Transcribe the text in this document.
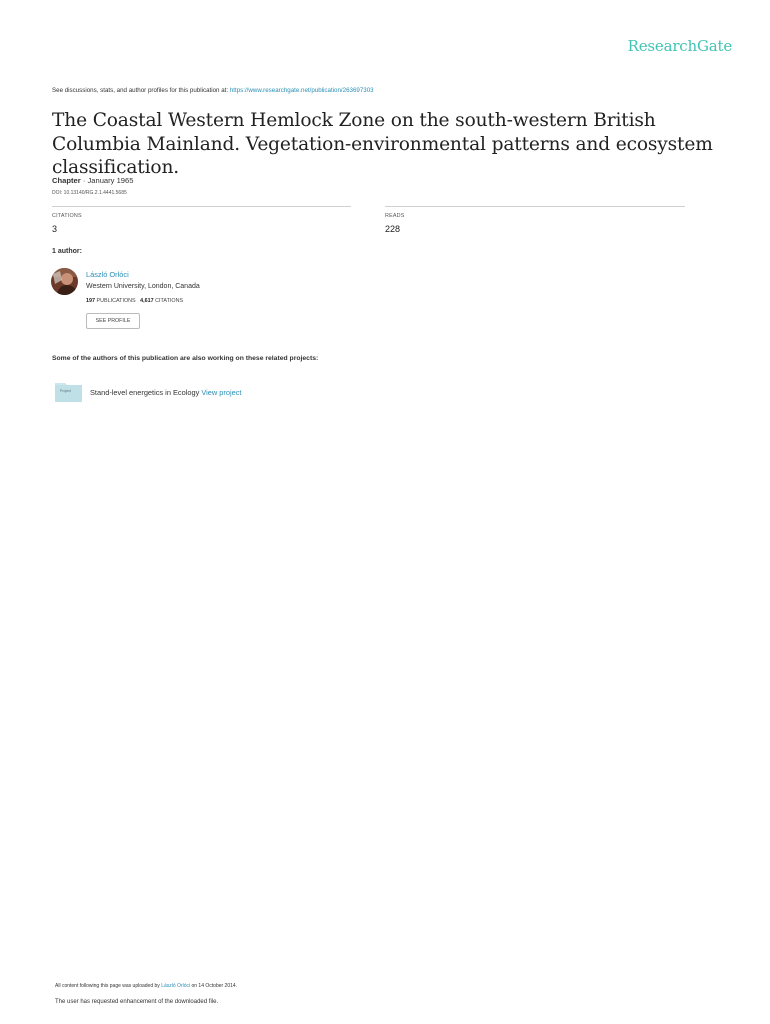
ResearchGate
See discussions, stats, and author profiles for this publication at: https://www.researchgate.net/publication/263697303
The Coastal Western Hemlock Zone on the south-western British Columbia Mainland. Vegetation-environmental patterns and ecosystem classification.
Chapter · January 1965
DOI: 10.13140/RG.2.1.4441.5685
CITATIONS
3
READS
228
1 author:
László Orlóci
Western University, London, Canada
197 PUBLICATIONS 4,617 CITATIONS
SEE PROFILE
Some of the authors of this publication are also working on these related projects:
Project	Stand-level energetics in Ecology View project
All content following this page was uploaded by László Orlóci on 14 October 2014.
The user has requested enhancement of the downloaded file.
